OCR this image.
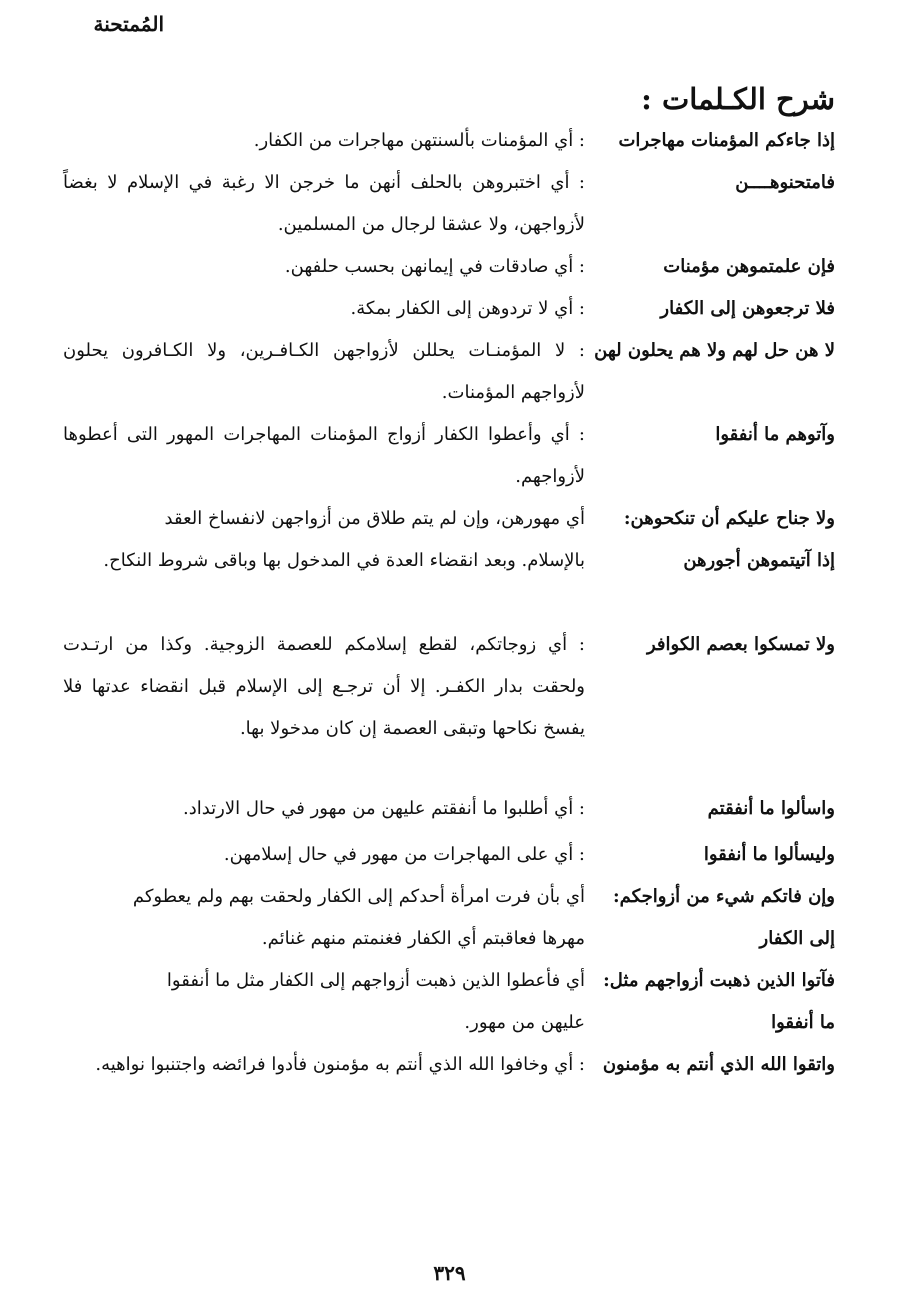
المُمتحنة
شرح الكـلمات :
إذا جاءكم المؤمنات مهاجرات
: أي المؤمنات بألسنتهن مهاجرات من الكفار.
فامتحنوهــــن
: أي اختبروهن بالحلف أنهن ما خرجن الا رغبة في الإسلام لا بغضاً لأزواجهن، ولا عشقا لرجال من المسلمين.
فإن علمتموهن مؤمنات
: أي صادقات في إيمانهن بحسب حلفهن.
فلا ترجعوهن إلى الكفار
: أي لا تردوهن إلى الكفار بمكة.
لا هن حل لهم ولا هم يحلون لهن
: لا المؤمنـات يحللن لأزواجهن الكـافـرين، ولا الكـافرون يحلون لأزواجهم المؤمنات.
وآتوهم ما أنفقوا
: أي وأعطوا الكفار أزواج المؤمنات المهاجرات المهور التى أعطوها لأزواجهم.
ولا جناح عليكم أن تنكحوهن:
أي مهورهن، وإن لم يتم طلاق من أزواجهن لانفساخ العقد
إذا آتيتموهن أجورهن
بالإسلام. وبعد انقضاء العدة في المدخول بها وباقى شروط النكاح.
ولا تمسكوا بعصم الكوافر
: أي زوجاتكم، لقطع إسلامكم للعصمة الزوجية. وكذا من ارتـدت ولحقت بدار الكفـر. إلا أن ترجـع إلى الإسلام قبل انقضاء عدتها فلا يفسخ نكاحها وتبقى العصمة إن كان مدخولا بها.
واسألوا ما أنفقتم
: أي أطلبوا ما أنفقتم عليهن من مهور في حال الارتداد.
وليسألوا ما أنفقوا
: أي على المهاجرات من مهور في حال إسلامهن.
وإن فاتكم شيء من أزواجكم:
أي بأن فرت امرأة أحدكم إلى الكفار ولحقت بهم ولم يعطوكم
إلى الكفار
مهرها فعاقبتم أي الكفار فغنمتم منهم غنائم.
فآتوا الذين ذهبت أزواجهم مثل:
أي فأعطوا الذين ذهبت أزواجهم إلى الكفار مثل ما أنفقوا
ما أنفقوا
عليهن من مهور.
واتقوا الله الذي أنتم به مؤمنون
: أي وخافوا الله الذي أنتم به مؤمنون فأدوا فرائضه واجتنبوا نواهيه.
٣٢٩
